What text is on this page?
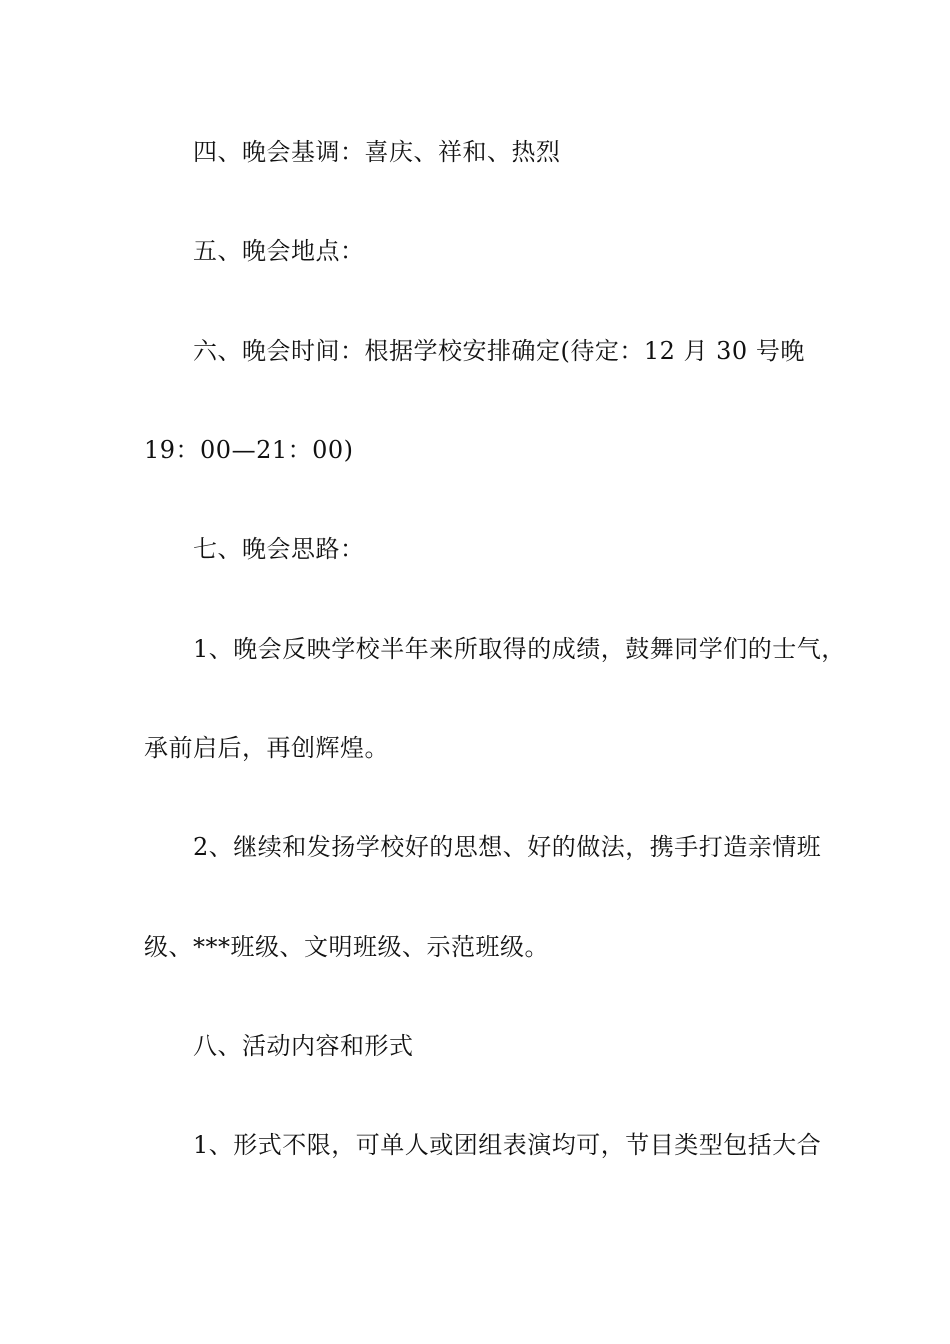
四、晚会基调：喜庆、祥和、热烈
五、晚会地点：
六、晚会时间：根据学校安排确定(待定：12 月 30 号晚
19：00—21：00)
七、晚会思路：
1、晚会反映学校半年来所取得的成绩，鼓舞同学们的士气，
承前启后，再创辉煌。
2、继续和发扬学校好的思想、好的做法，携手打造亲情班
级、***班级、文明班级、示范班级。
八、活动内容和形式
1、形式不限，可单人或团组表演均可，节目类型包括大合
